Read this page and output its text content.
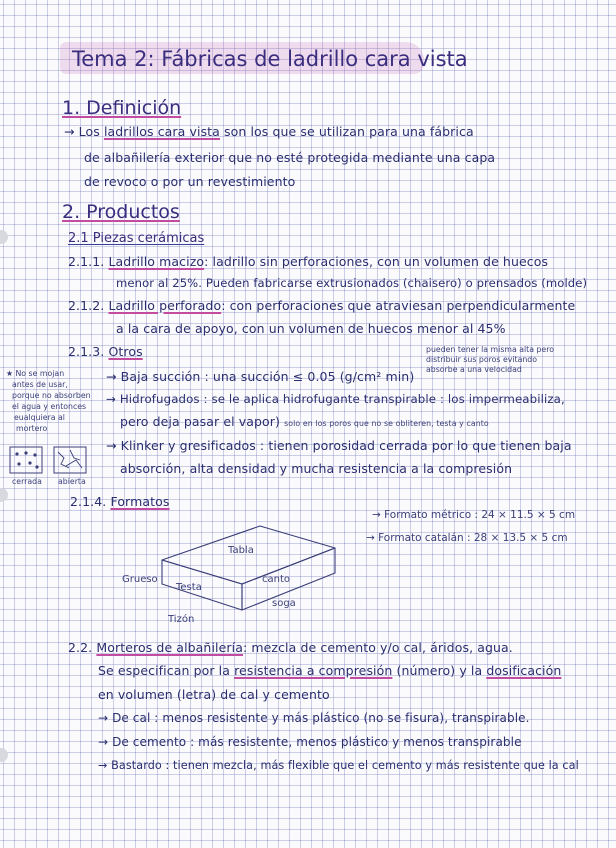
Tema 2: Fábricas de ladrillo cara vista
1. Definición
→ Los ladrillos cara vista son los que se utilizan para una fábrica
de albañilería exterior que no esté protegida mediante una capa
de revoco o por un revestimiento
2. Productos
2.1 Piezas cerámicas
2.1.1. Ladrillo macizo: ladrillo sin perforaciones, con un volumen de huecos
menor al 25%. Pueden fabricarse extrusionados (chaisero) o prensados (molde)
2.1.2. Ladrillo perforado: con perforaciones que atraviesan perpendicularmente
a la cara de apoyo, con un volumen de huecos menor al 45%
2.1.3. Otros	pueden tener la misma alta pero
distribuir sus poros evitando
absorbe a una velocidad
→ Baja succión : una succión ≤ 0.05 (g/cm² min)
→ Hidrofugados : se le aplica hidrofugante transpirable : los impermeabiliza,
pero deja pasar el vapor) solo en los poros que no se obliteren, testa y canto
→ Klinker y gresificados : tienen porosidad cerrada por lo que tienen baja
absorción, alta densidad y mucha resistencia a la compresión
★ No se mojan
antes de usar,
porque no absorben
el agua y entonces
eualquiera al
mortero
cerrada abierta
2.1.4. Formatos
→ Formato métrico : 24 × 11.5 × 5 cm
→ Formato catalán : 28 × 13.5 × 5 cm
Tabla
Grueso
Testa
canto
soga
Tizón
2.2. Morteros de albañilería: mezcla de cemento y/o cal, áridos, agua.
Se especifican por la resistencia a compresión (número) y la dosificación
en volumen (letra) de cal y cemento
→ De cal : menos resistente y más plástico (no se fisura), transpirable.
→ De cemento : más resistente, menos plástico y menos transpirable
→ Bastardo : tienen mezcla, más flexible que el cemento y más resistente que la cal
